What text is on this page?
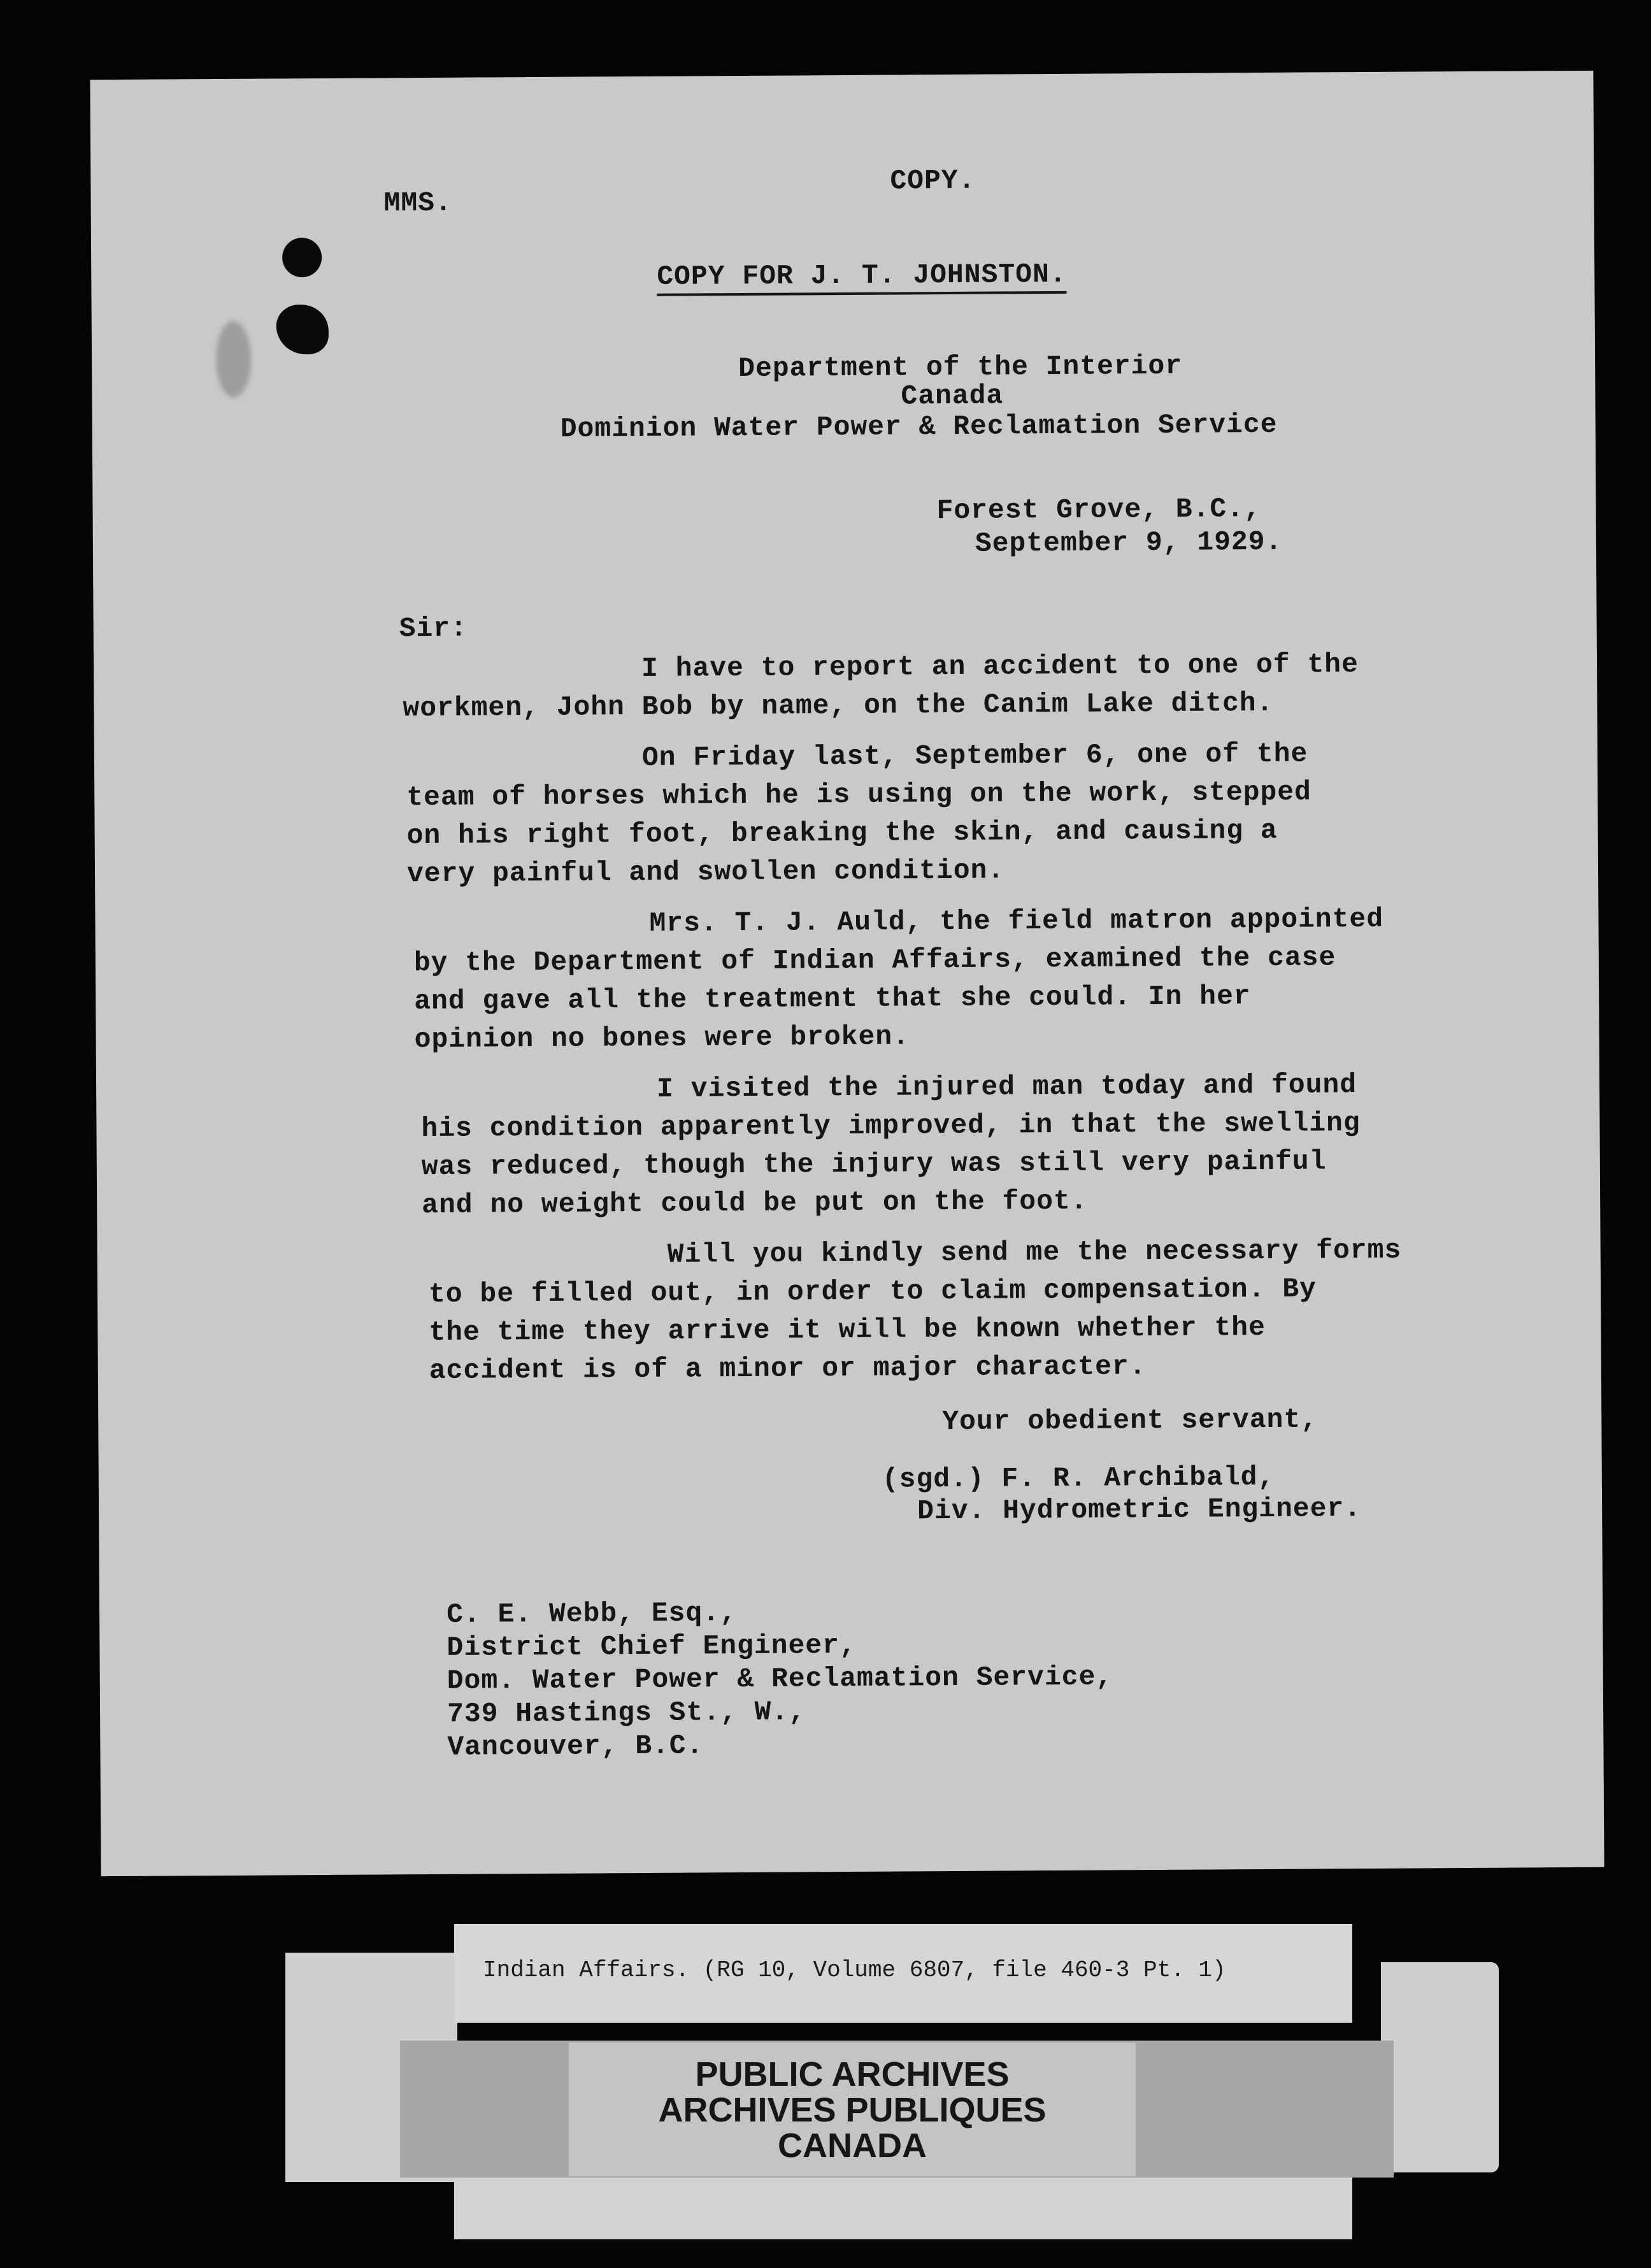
MMS.
COPY.
COPY FOR J. T. JOHNSTON.
Department of the Interior
Canada
Dominion Water Power & Reclamation Service
Forest Grove, B.C.,
September 9, 1929.
Sir:
I have to report an accident to one of the
workmen, John Bob by name, on the Canim Lake ditch.
On Friday last, September 6, one of the
team of horses which he is using on the work, stepped
on his right foot, breaking the skin, and causing a
very painful and swollen condition.
Mrs. T. J. Auld, the field matron appointed
by the Department of Indian Affairs, examined the case
and gave all the treatment that she could. In her
opinion no bones were broken.
I visited the injured man today and found
his condition apparently improved, in that the swelling
was reduced, though the injury was still very painful
and no weight could be put on the foot.
Will you kindly send me the necessary forms
to be filled out, in order to claim compensation. By
the time they arrive it will be known whether the
accident is of a minor or major character.
Your obedient servant,
(sgd.) F. R. Archibald,
Div. Hydrometric Engineer.
C. E. Webb, Esq.,
District Chief Engineer,
Dom. Water Power & Reclamation Service,
739 Hastings St., W.,
Vancouver, B.C.
Indian Affairs. (RG 10, Volume 6807, file 460-3 Pt. 1)
PUBLIC ARCHIVES
ARCHIVES PUBLIQUES
CANADA
